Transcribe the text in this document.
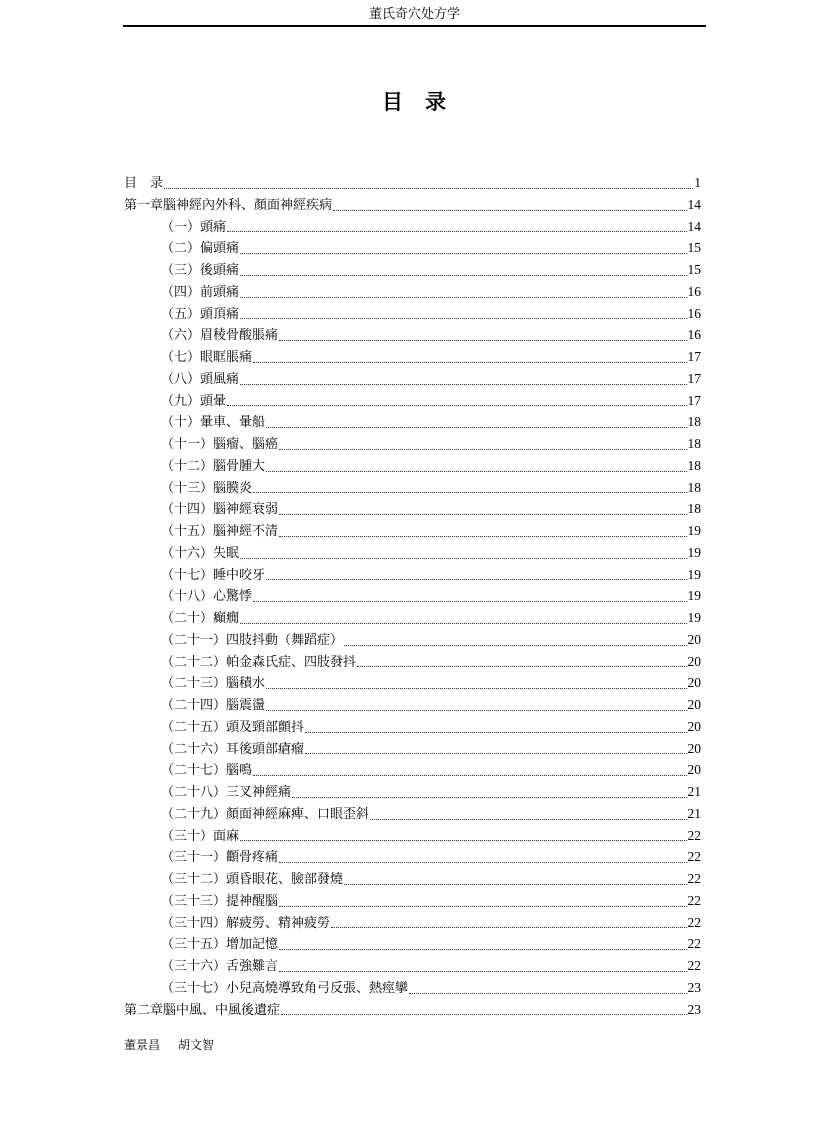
董氏奇穴处方学
目 录
目　录	1
第一章腦神經內外科、顏面神經疾病	14
（一）頭痛	14
（二）偏頭痛	15
（三）後頭痛	15
（四）前頭痛	16
（五）頭頂痛	16
（六）眉稜骨酸脹痛	16
（七）眼眶脹痛	17
（八）頭風痛	17
（九）頭暈	17
（十）暈車、暈船	18
（十一）腦瘤、腦癌	18
（十二）腦骨腫大	18
（十三）腦膜炎	18
（十四）腦神經衰弱	18
（十五）腦神經不清	19
（十六）失眠	19
（十七）睡中咬牙	19
（十八）心驚悸	19
（二十）癲癇	19
（二十一）四肢抖動（舞蹈症）	20
（二十二）帕金森氏症、四肢發抖	20
（二十三）腦積水	20
（二十四）腦震盪	20
（二十五）頭及頸部顫抖	20
（二十六）耳後頭部瘡瘤	20
（二十七）腦鳴	20
（二十八）三叉神經痛	21
（二十九）顏面神經麻痺、口眼歪斜	21
（三十）面麻	22
（三十一）顴骨疼痛	22
（三十二）頭昏眼花、臉部發燒	22
（三十三）提神醒腦	22
（三十四）解疲勞、精神疲勞	22
（三十五）增加記憶	22
（三十六）舌強難言	22
（三十七）小兒高燒導致角弓反張、熱痙攣	23
第二章腦中風、中風後遺症	23
董景昌 胡文智
